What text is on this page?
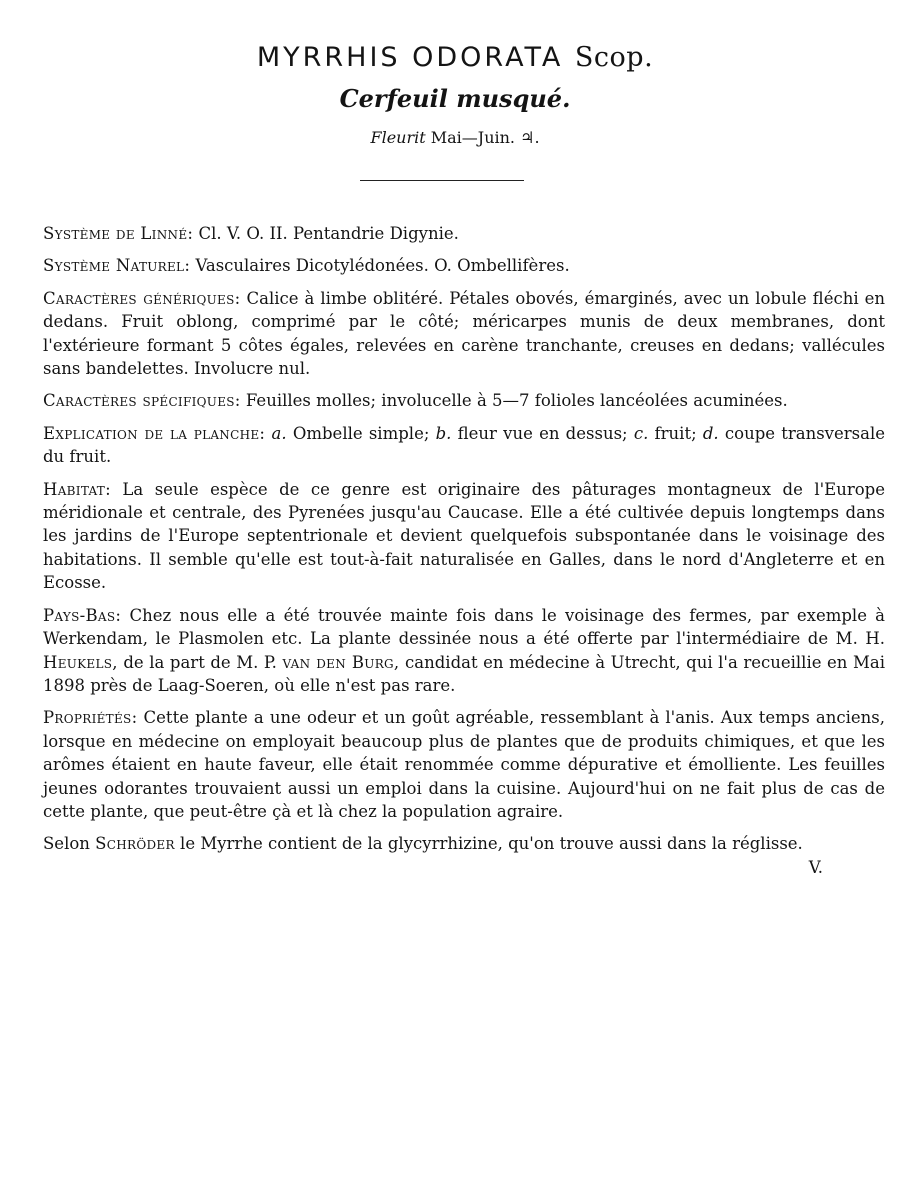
MYRRHIS ODORATA Scop.
Cerfeuil musqué.
Fleurit Mai—Juin. ♃.

Système de Linné: Cl. V. O. II. Pentandrie Digynie.

Système Naturel: Vasculaires Dicotylédonées. O. Ombellifères.

Caractères génériques: Calice à limbe oblitéré. Pétales obovés, émarginés, avec un lobule fléchi en dedans. Fruit oblong, comprimé par le côté; méricarpes munis de deux membranes, dont l'extérieure formant 5 côtes égales, relevées en carène tranchante, creuses en dedans; vallécules sans bandelettes. Involucre nul.

Caractères spécifiques: Feuilles molles; involucelle à 5—7 folioles lancéolées acuminées.

Explication de la planche: a. Ombelle simple; b. fleur vue en dessus; c. fruit; d. coupe transversale du fruit.

Habitat: La seule espèce de ce genre est originaire des pâturages montagneux de l'Europe méridionale et centrale, des Pyrenées jusqu'au Caucase. Elle a été cultivée depuis longtemps dans les jardins de l'Europe septentrionale et devient quelquefois subspontanée dans le voisinage des habitations. Il semble qu'elle est tout-à-fait naturalisée en Galles, dans le nord d'Angleterre et en Ecosse.

Pays-Bas: Chez nous elle a été trouvée mainte fois dans le voisinage des fermes, par exemple à Werkendam, le Plasmolen etc. La plante dessinée nous a été offerte par l'intermédiaire de M. H. Heukels, de la part de M. P. van den Burg, candidat en médecine à Utrecht, qui l'a recueillie en Mai 1898 près de Laag-Soeren, où elle n'est pas rare.

Propriétés: Cette plante a une odeur et un goût agréable, ressemblant à l'anis. Aux temps anciens, lorsque en médecine on employait beaucoup plus de plantes que de produits chimiques, et que les arômes étaient en haute faveur, elle était renommée comme dépurative et émolliente. Les feuilles jeunes odorantes trouvaient aussi un emploi dans la cuisine. Aujourd'hui on ne fait plus de cas de cette plante, que peut-être çà et là chez la population agraire.

Selon Schröder le Myrrhe contient de la glycyrrhizine, qu'on trouve aussi dans la réglisse.

V.
